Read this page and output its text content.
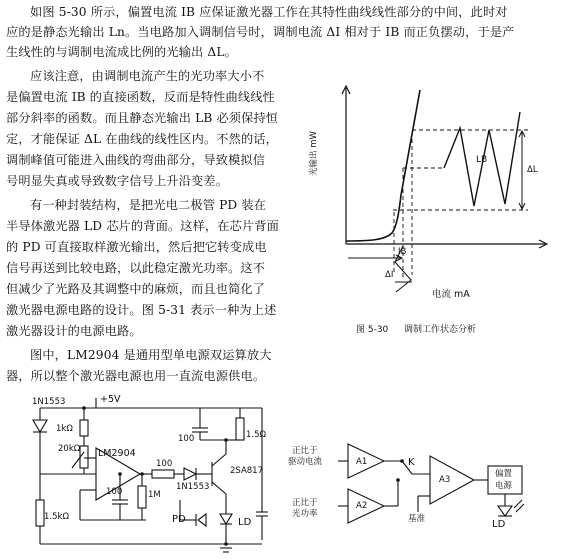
如图 5-30 所示，偏置电流 IB 应保证激光器工作在其特性曲线线性部分的中间，此时对
应的是静态光输出 Ln。当电路加入调制信号时，调制电流 ΔI 相对于 IB 而正负摆动，于是产
生线性的与调制电流成比例的光输出 ΔL。
应该注意，由调制电流产生的光功率大小不
是偏置电流 IB 的直接函数，反而是特性曲线线性
部分斜率的函数。而且静态光输出 LB 必须保持恒
定，才能保证 ΔL 在曲线的线性区内。不然的话，
调制峰值可能进入曲线的弯曲部分，导致模拟信
号明显失真或导致数字信号上升沿变差。
有一种封装结构，是把光电二极管 PD 装在
半导体激光器 LD 芯片的背面。这样，在芯片背面
的 PD 可直接取样激光输出，然后把它转变成电
信号再送到比较电路，以此稳定激光功率。这不
但减少了光路及其调整中的麻烦，而且也简化了
激光器电源电路的设计。图 5-31 表示一种为上述
激光器设计的电源电路。
图中，LM2904 是通用型单电源双运算放大
器，所以整个激光器电源也用一直流电源供电。
光输出 mW	LB
ΔL
IB
ΔI
电流 mA
图 5-30 调制工作状态分析
1N1553	+5V
1kΩ
20kΩ LM2904
100
100	1M
1.5kΩ
100	1.5Ω
2SA817
1N1553
PD	LD
正比于
驱动电流
正比于
光功率
A1
A2
A3
K
基准
偏置
电源
LD
